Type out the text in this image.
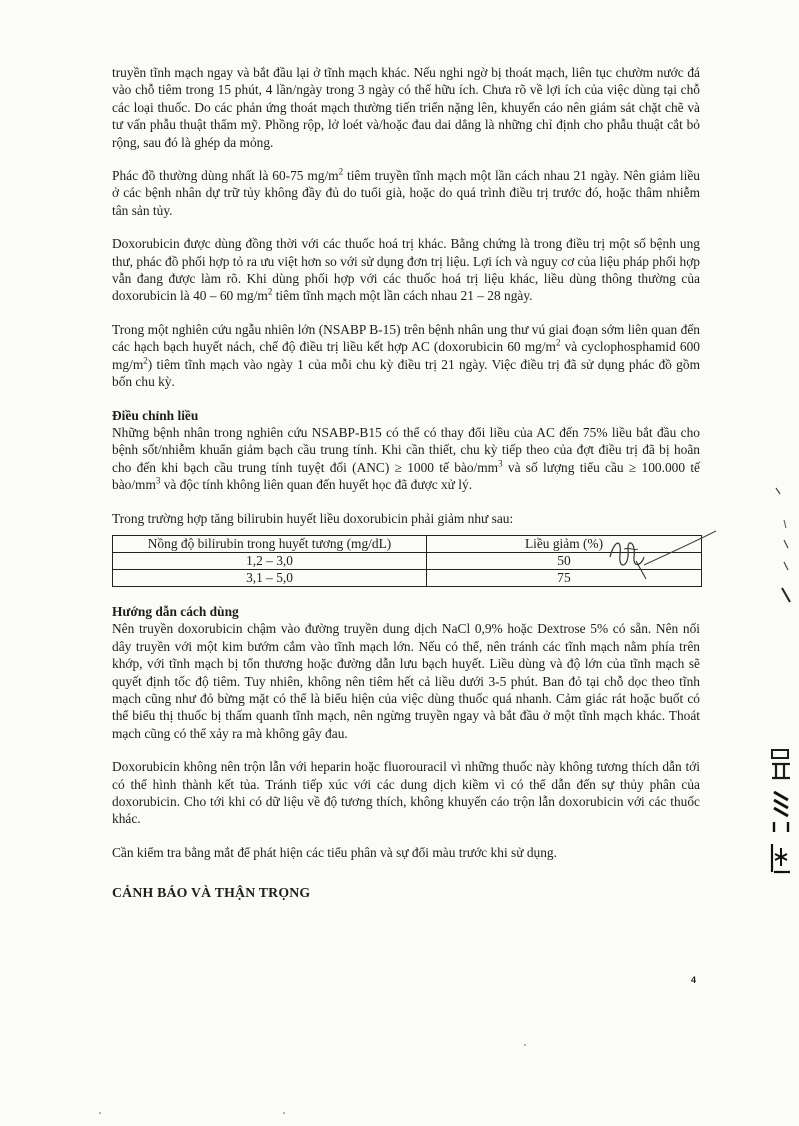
truyền tĩnh mạch ngay và bắt đầu lại ở tĩnh mạch khác. Nếu nghi ngờ bị thoát mạch, liên tục chườm nước đá vào chỗ tiêm trong 15 phút, 4 lần/ngày trong 3 ngày có thể hữu ích. Chưa rõ về lợi ích của việc dùng tại chỗ các loại thuốc. Do các phản ứng thoát mạch thường tiến triển nặng lên, khuyến cáo nên giám sát chặt chẽ và tư vấn phẫu thuật thẩm mỹ. Phồng rộp, lở loét và/hoặc đau dai dẳng là những chỉ định cho phẫu thuật cắt bỏ rộng, sau đó là ghép da mỏng.

Phác đồ thường dùng nhất là 60-75 $mg/m^2$ tiêm truyền tĩnh mạch một lần cách nhau 21 ngày. Nên giảm liều ở các bệnh nhân dự trữ tủy không đầy đủ do tuổi già, hoặc do quá trình điều trị trước đó, hoặc thâm nhiễm tân sản tủy.

Doxorubicin được dùng đồng thời với các thuốc hoá trị khác. Bằng chứng là trong điều trị một số bệnh ung thư, phác đồ phối hợp tỏ ra ưu việt hơn so với sử dụng đơn trị liệu. Lợi ích và nguy cơ của liệu pháp phối hợp vẫn đang được làm rõ. Khi dùng phối hợp với các thuốc hoá trị liệu khác, liều dùng thông thường của doxorubicin là 40 – 60 $mg/m^2$ tiêm tĩnh mạch một lần cách nhau 21 – 28 ngày.

Trong một nghiên cứu ngẫu nhiên lớn (NSABP B-15) trên bệnh nhân ung thư vú giai đoạn sớm liên quan đến các hạch bạch huyết nách, chế độ điều trị liều kết hợp AC (doxorubicin 60 $mg/m^2$ và cyclophosphamid 600 $mg/m^2$) tiêm tĩnh mạch vào ngày 1 của mỗi chu kỳ điều trị 21 ngày. Việc điều trị đã sử dụng phác đồ gồm bốn chu kỳ.

Điều chỉnh liều

Những bệnh nhân trong nghiên cứu NSABP-B15 có thể có thay đổi liều của AC đến 75% liều bắt đầu cho bệnh sốt/nhiễm khuẩn giảm bạch cầu trung tính. Khi cần thiết, chu kỳ tiếp theo của đợt điều trị đã bị hoãn cho đến khi bạch cầu trung tính tuyệt đối (ANC) ≥ 1000 tế bào/$mm^3$ và số lượng tiểu cầu ≥ 100.000 tế bào/$mm^3$ và độc tính không liên quan đến huyết học đã được xử lý.

Trong trường hợp tăng bilirubin huyết liều doxorubicin phải giảm như sau:

Nồng độ bilirubin trong huyết tương (mg/dL)	Liều giảm (%)
1,2 – 3,0	50
3,1 – 5,0	75
Hướng dẫn cách dùng

Nên truyền doxorubicin chậm vào đường truyền dung dịch NaCl 0,9% hoặc Dextrose 5% có sẵn. Nên nối dây truyền với một kim bướm cắm vào tĩnh mạch lớn. Nếu có thể, nên tránh các tĩnh mạch nằm phía trên khớp, với tĩnh mạch bị tổn thương hoặc đường dẫn lưu bạch huyết. Liều dùng và độ lớn của tĩnh mạch sẽ quyết định tốc độ tiêm. Tuy nhiên, không nên tiêm hết cả liều dưới 3-5 phút. Ban đỏ tại chỗ dọc theo tĩnh mạch cũng như đỏ bừng mặt có thể là biểu hiện của việc dùng thuốc quá nhanh. Cảm giác rát hoặc buốt có thể biểu thị thuốc bị thấm quanh tĩnh mạch, nên ngừng truyền ngay và bắt đầu ở một tĩnh mạch khác. Thoát mạch cũng có thể xảy ra mà không gây đau.

Doxorubicin không nên trộn lẫn với heparin hoặc fluorouracil vì những thuốc này không tương thích dẫn tới có thể hình thành kết tủa. Tránh tiếp xúc với các dung dịch kiềm vì có thể dẫn đến sự thủy phân của doxorubicin. Cho tới khi có dữ liệu về độ tương thích, không khuyến cáo trộn lẫn doxorubicin với các thuốc khác.

Cần kiểm tra bằng mắt để phát hiện các tiểu phân và sự đổi màu trước khi sử dụng.

CẢNH BÁO VÀ THẬN TRỌNG
4
